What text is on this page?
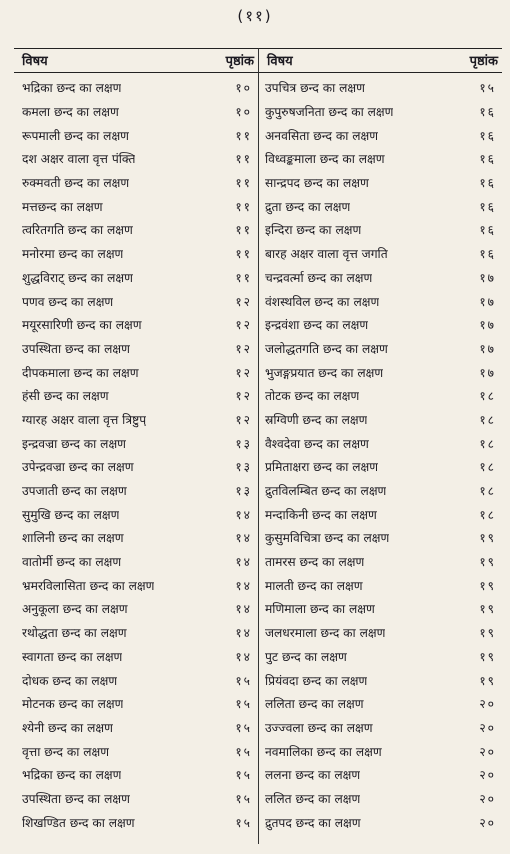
(११)
विषय	पृष्ठांक
भद्रिका छन्द का लक्षण	१०
कमला छन्द का लक्षण	१०
रूपमाली छन्द का लक्षण	११
दश अक्षर वाला वृत्त पंक्ति	११
रुक्मवती छन्द का लक्षण	११
मत्तछन्द का लक्षण	११
त्वरितगति छन्द का लक्षण	११
मनोरमा छन्द का लक्षण	११
शुद्धविराट् छन्द का लक्षण	११
पणव छन्द का लक्षण	१२
मयूरसारिणी छन्द का लक्षण	१२
उपस्थिता छन्द का लक्षण	१२
दीपकमाला छन्द का लक्षण	१२
हंसी छन्द का लक्षण	१२
ग्यारह अक्षर वाला वृत्त त्रिष्टुप्	१२
इन्द्रवज्रा छन्द का लक्षण	१३
उपेन्द्रवज्रा छन्द का लक्षण	१३
उपजाती छन्द का लक्षण	१३
सुमुखि छन्द का लक्षण	१४
शालिनी छन्द का लक्षण	१४
वातोर्मी छन्द का लक्षण	१४
भ्रमरविलासिता छन्द का लक्षण	१४
अनुकूला छन्द का लक्षण	१४
रथोद्धता छन्द का लक्षण	१४
स्वागता छन्द का लक्षण	१४
दोधक छन्द का लक्षण	१५
मोटनक छन्द का लक्षण	१५
श्येनी छन्द का लक्षण	१५
वृत्ता छन्द का लक्षण	१५
भद्रिका छन्द का लक्षण	१५
उपस्थिता छन्द का लक्षण	१५
शिखण्डित छन्द का लक्षण	१५
विषय	पृष्ठांक
उपचित्र छन्द का लक्षण	१५
कुपुरुषजनिता छन्द का लक्षण	१६
अनवसिता छन्द का लक्षण	१६
विध्वङ्कमाला छन्द का लक्षण	१६
सान्द्रपद छन्द का लक्षण	१६
द्रुता छन्द का लक्षण	१६
इन्दिरा छन्द का लक्षण	१६
बारह अक्षर वाला वृत्त जगति	१६
चन्द्रवर्त्मा छन्द का लक्षण	१७
वंशस्थविल छन्द का लक्षण	१७
इन्द्रवंशा छन्द का लक्षण	१७
जलोद्धतगति छन्द का लक्षण	१७
भुजङ्गप्रयात छन्द का लक्षण	१७
तोटक छन्द का लक्षण	१८
स्रग्विणी छन्द का लक्षण	१८
वैश्वदेवा छन्द का लक्षण	१८
प्रमिताक्षरा छन्द का लक्षण	१८
द्रुतविलम्बित छन्द का लक्षण	१८
मन्दाकिनी छन्द का लक्षण	१८
कुसुमविचित्रा छन्द का लक्षण	१९
तामरस छन्द का लक्षण	१९
मालती छन्द का लक्षण	१९
मणिमाला छन्द का लक्षण	१९
जलधरमाला छन्द का लक्षण	१९
पुट छन्द का लक्षण	१९
प्रियंवदा छन्द का लक्षण	१९
ललिता छन्द का लक्षण	२०
उज्ज्वला छन्द का लक्षण	२०
नवमालिका छन्द का लक्षण	२०
ललना छन्द का लक्षण	२०
ललित छन्द का लक्षण	२०
द्रुतपद छन्द का लक्षण	२०
